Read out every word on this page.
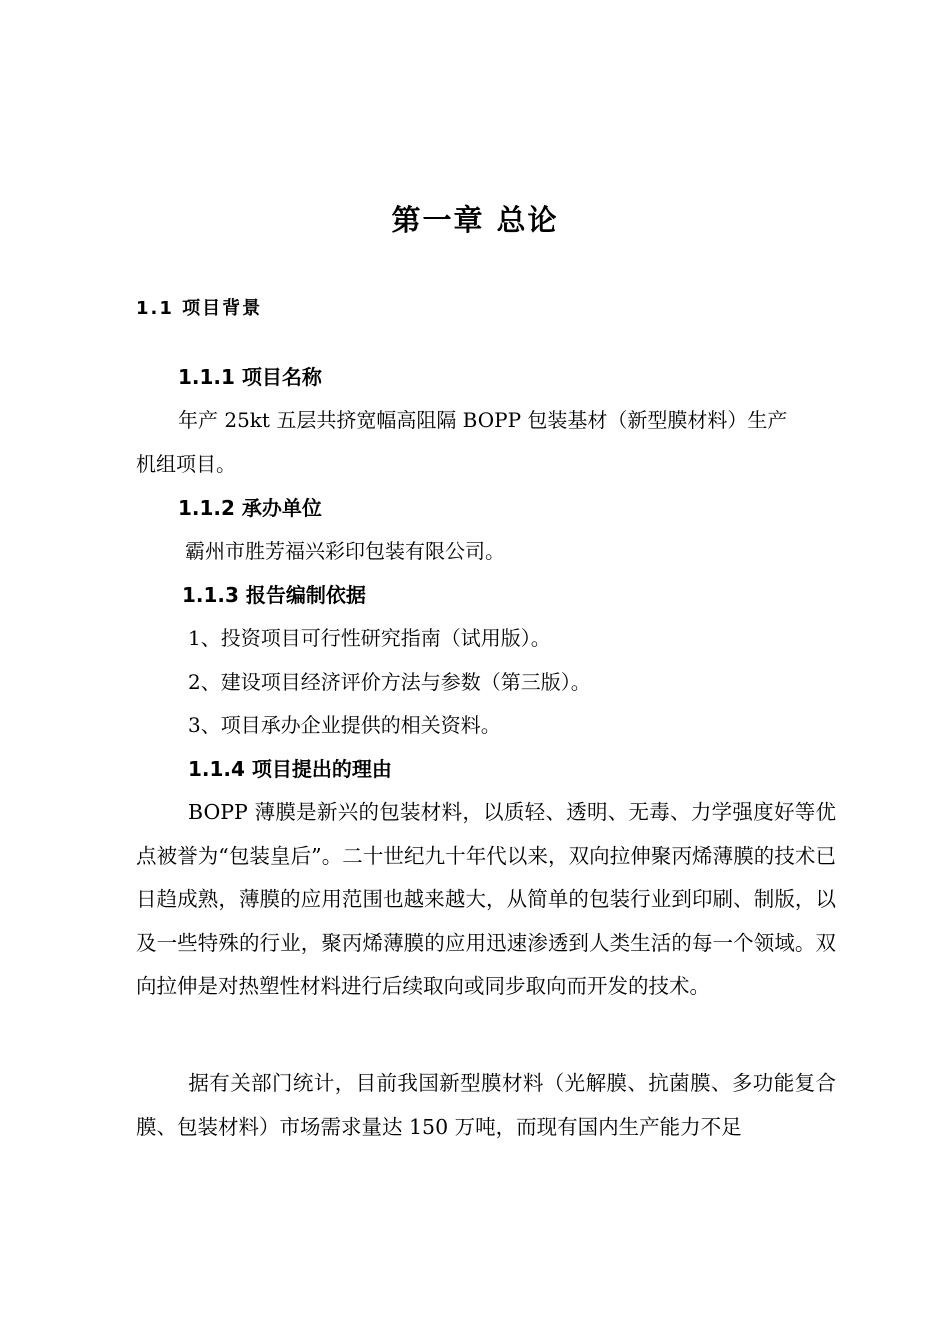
第一章 总论
1.1 项目背景
1.1.1 项目名称

年产 25kt 五层共挤宽幅高阻隔 BOPP 包装基材（新型膜材料）生产

机组项目。

1.1.2 承办单位

霸州市胜芳福兴彩印包装有限公司。

1.1.3 报告编制依据

1、投资项目可行性研究指南（试用版）。

2、建设项目经济评价方法与参数（第三版）。

3、项目承办企业提供的相关资料。

1.1.4 项目提出的理由

BOPP 薄膜是新兴的包装材料，以质轻、透明、无毒、力学强度好等优点被誉为“包装皇后”。二十世纪九十年代以来，双向拉伸聚丙烯薄膜的技术已日趋成熟，薄膜的应用范围也越来越大，从简单的包装行业到印刷、制版，以及一些特殊的行业，聚丙烯薄膜的应用迅速渗透到人类生活的每一个领域。双向拉伸是对热塑性材料进行后续取向或同步取向而开发的技术。

据有关部门统计，目前我国新型膜材料（光解膜、抗菌膜、多功能复合膜、包装材料）市场需求量达 150 万吨，而现有国内生产能力不足
